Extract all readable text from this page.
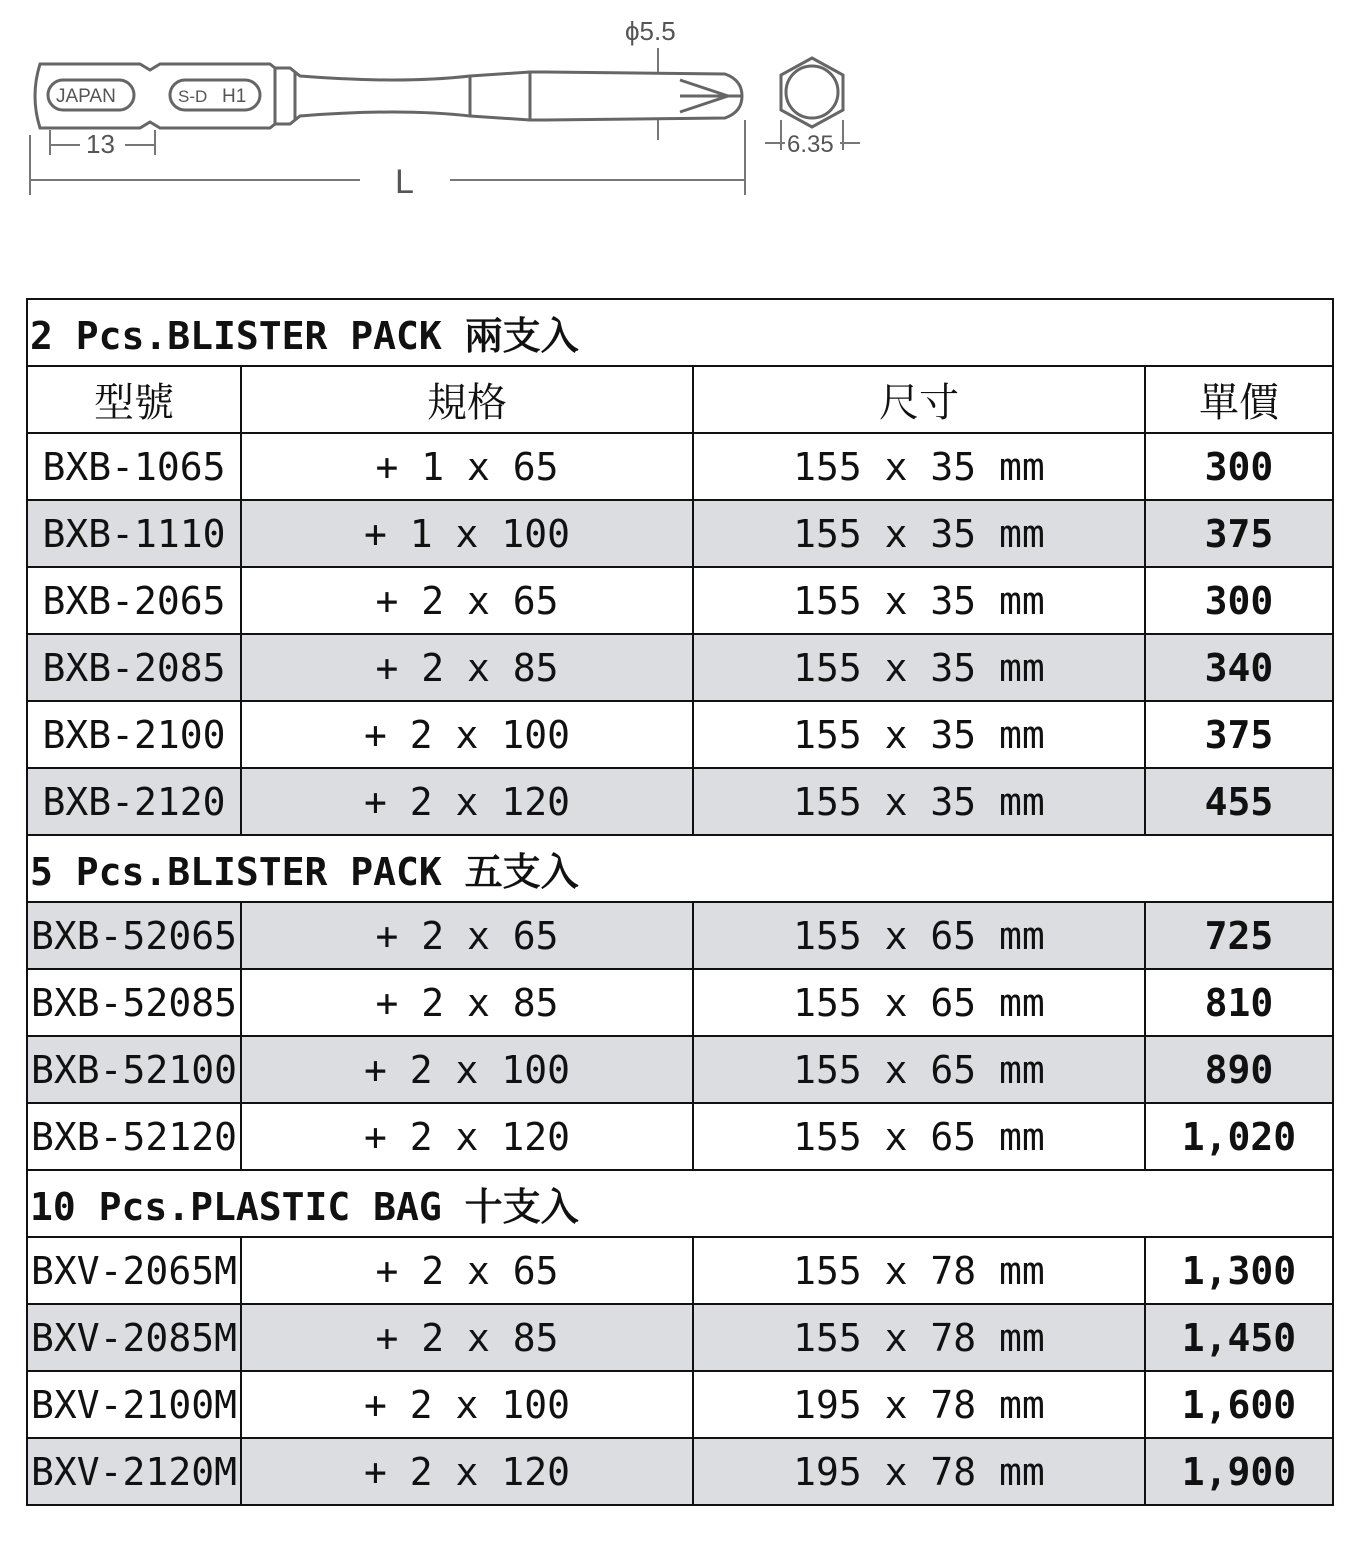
ϕ5.5
JAPAN	S-D H1
13
L
6.35
2 Pcs.BLISTER PACK 兩支入			
型號	規格	尺寸	單價
BXB-1065	+ 1 x 65	155 x 35 mm	300
BXB-1110	+ 1 x 100	155 x 35 mm	375
BXB-2065	+ 2 x 65	155 x 35 mm	300
BXB-2085	+ 2 x 85	155 x 35 mm	340
BXB-2100	+ 2 x 100	155 x 35 mm	375
BXB-2120	+ 2 x 120	155 x 35 mm	455
5 Pcs.BLISTER PACK 五支入			
BXB-52065	+ 2 x 65	155 x 65 mm	725
BXB-52085	+ 2 x 85	155 x 65 mm	810
BXB-52100	+ 2 x 100	155 x 65 mm	890
BXB-52120	+ 2 x 120	155 x 65 mm	1,020
10 Pcs.PLASTIC BAG 十支入			
BXV-2065M	+ 2 x 65	155 x 78 mm	1,300
BXV-2085M	+ 2 x 85	155 x 78 mm	1,450
BXV-2100M	+ 2 x 100	195 x 78 mm	1,600
BXV-2120M	+ 2 x 120	195 x 78 mm	1,900
